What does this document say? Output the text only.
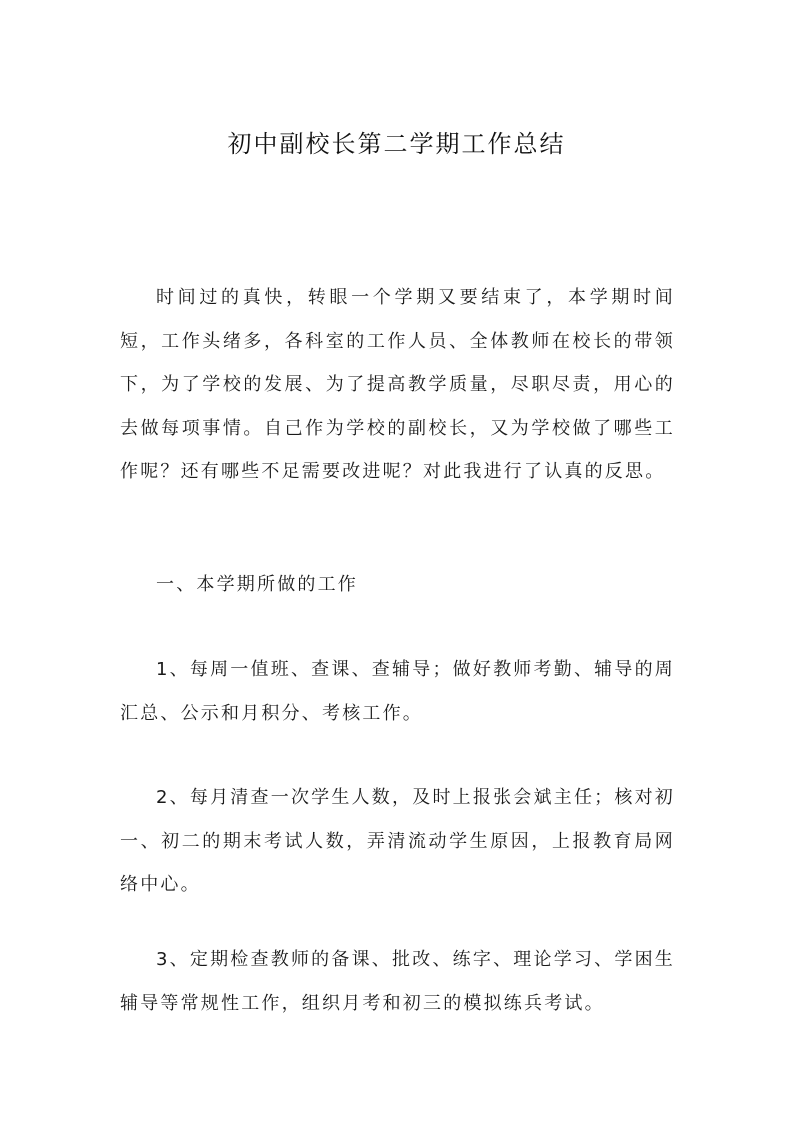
初中副校长第二学期工作总结

时间过的真快，转眼一个学期又要结束了，本学期时间短，工作头绪多，各科室的工作人员、全体教师在校长的带领下，为了学校的发展、为了提高教学质量，尽职尽责，用心的去做每项事情。自己作为学校的副校长，又为学校做了哪些工作呢？还有哪些不足需要改进呢？对此我进行了认真的反思。

一、本学期所做的工作

1、每周一值班、查课、查辅导；做好教师考勤、辅导的周汇总、公示和月积分、考核工作。

2、每月清查一次学生人数，及时上报张会斌主任；核对初一、初二的期末考试人数，弄清流动学生原因，上报教育局网络中心。

3、定期检查教师的备课、批改、练字、理论学习、学困生辅导等常规性工作，组织月考和初三的模拟练兵考试。
